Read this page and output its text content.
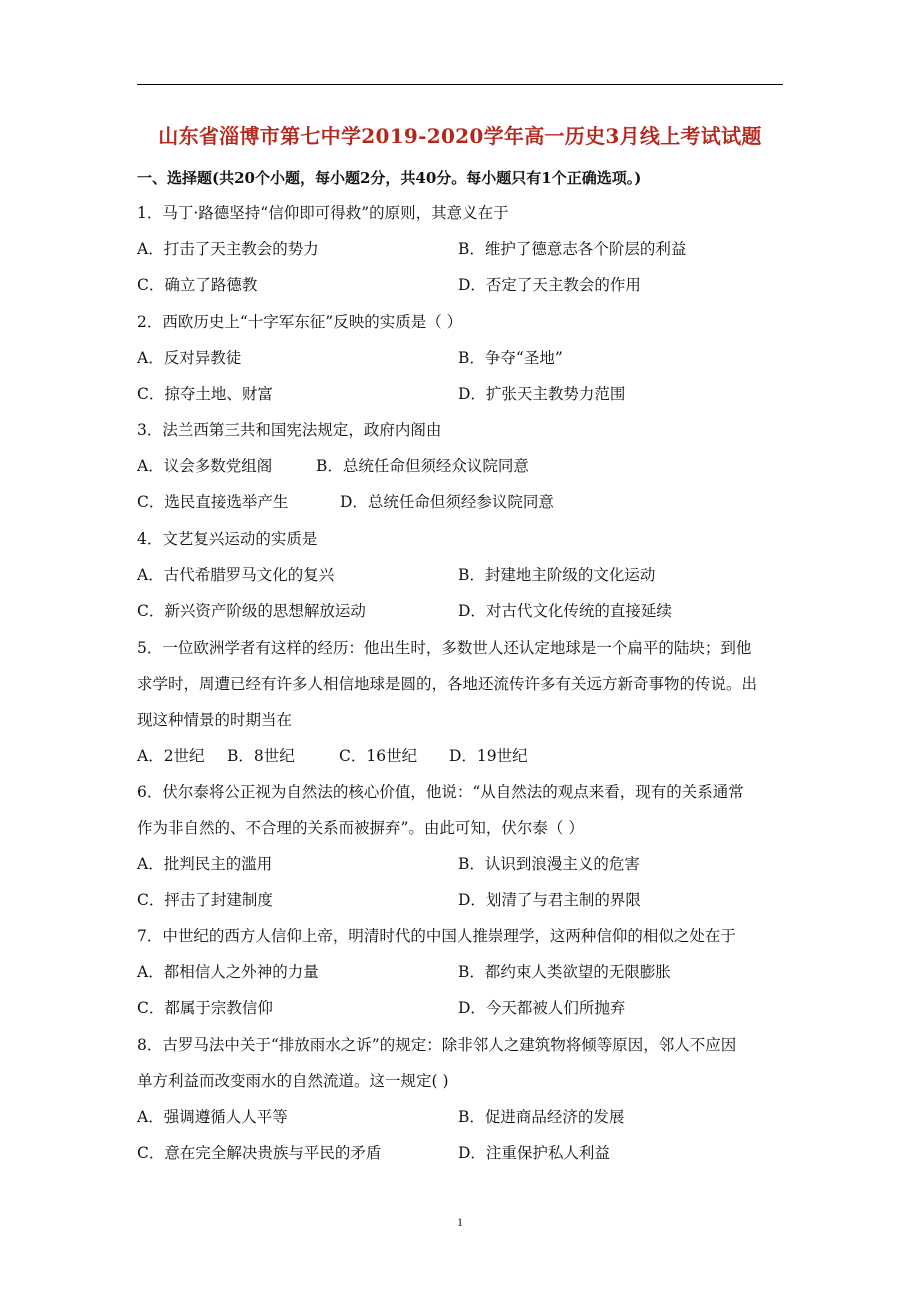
山东省淄博市第七中学2019-2020学年高一历史3月线上考试试题
一、选择题(共20个小题，每小题2分，共40分。每小题只有1个正确选项。)
1．马丁·路德坚持“信仰即可得救”的原则，其意义在于
A．打击了天主教会的势力	B．维护了德意志各个阶层的利益
C．确立了路德教	D．否定了天主教会的作用
2．西欧历史上“十字军东征”反映的实质是（ ）
A．反对异教徒	B．争夺“圣地”
C．掠夺土地、财富	D．扩张天主教势力范围
3．法兰西第三共和国宪法规定，政府内阁由
A．议会多数党组阁	B．总统任命但须经众议院同意
C．选民直接选举产生	D．总统任命但须经参议院同意
4．文艺复兴运动的实质是
A．古代希腊罗马文化的复兴	B．封建地主阶级的文化运动
C．新兴资产阶级的思想解放运动	D．对古代文化传统的直接延续
5．一位欧洲学者有这样的经历：他出生时，多数世人还认定地球是一个扁平的陆块；到他
求学时，周遭已经有许多人相信地球是圆的，各地还流传许多有关远方新奇事物的传说。出
现这种情景的时期当在
A．2世纪 B．8世纪	C．16世纪 D．19世纪
6．伏尔泰将公正视为自然法的核心价值，他说：“从自然法的观点来看，现有的关系通常
作为非自然的、不合理的关系而被摒弃”。由此可知，伏尔泰（ ）
A．批判民主的滥用	B．认识到浪漫主义的危害
C．抨击了封建制度	D．划清了与君主制的界限
7．中世纪的西方人信仰上帝，明清时代的中国人推崇理学，这两种信仰的相似之处在于
A．都相信人之外神的力量	B．都约束人类欲望的无限膨胀
C．都属于宗教信仰	D．今天都被人们所抛弃
8．古罗马法中关于“排放雨水之诉”的规定：除非邻人之建筑物将倾等原因，邻人不应因
单方利益而改变雨水的自然流道。这一规定( )
A．强调遵循人人平等	B．促进商品经济的发展
C．意在完全解决贵族与平民的矛盾	D．注重保护私人利益
1
